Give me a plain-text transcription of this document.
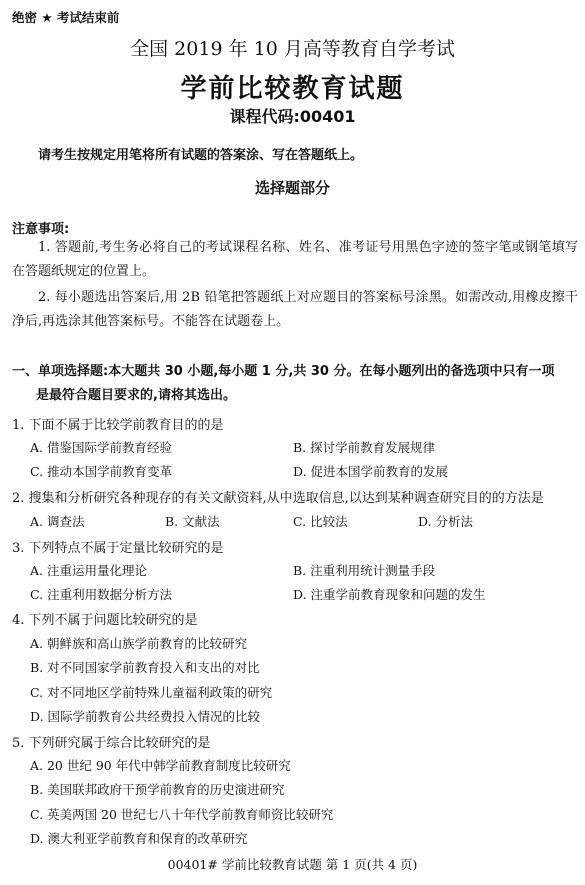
绝密 ★ 考试结束前
全国 2019 年 10 月高等教育自学考试
学前比较教育试题
课程代码:00401
请考生按规定用笔将所有试题的答案涂、写在答题纸上。
选择题部分
注意事项:
1. 答题前,考生务必将自己的考试课程名称、姓名、准考证号用黑色字迹的签字笔或钢笔填写在答题纸规定的位置上。
2. 每小题选出答案后,用 2B 铅笔把答题纸上对应题目的答案标号涂黑。如需改动,用橡皮擦干净后,再选涂其他答案标号。不能答在试题卷上。
一、单项选择题:本大题共 30 小题,每小题 1 分,共 30 分。在每小题列出的备选项中只有一项
是最符合题目要求的,请将其选出。
1. 下面不属于比较学前教育目的的是
A. 借鉴国际学前教育经验	B. 探讨学前教育发展规律
C. 推动本国学前教育变革	D. 促进本国学前教育的发展
2. 搜集和分析研究各种现存的有关文献资料,从中选取信息,以达到某种调查研究目的的方法是
A. 调查法	B. 文献法	C. 比较法	D. 分析法
3. 下列特点不属于定量比较研究的是
A. 注重运用量化理论	B. 注重利用统计测量手段
C. 注重利用数据分析方法	D. 注重学前教育现象和问题的发生
4. 下列不属于问题比较研究的是
A. 朝鲜族和高山族学前教育的比较研究
B. 对不同国家学前教育投入和支出的对比
C. 对不同地区学前特殊儿童福利政策的研究
D. 国际学前教育公共经费投入情况的比较
5. 下列研究属于综合比较研究的是
A. 20 世纪 90 年代中韩学前教育制度比较研究
B. 美国联邦政府干预学前教育的历史演进研究
C. 英美两国 20 世纪七八十年代学前教育师资比较研究
D. 澳大利亚学前教育和保育的改革研究
00401# 学前比较教育试题 第 1 页(共 4 页)
